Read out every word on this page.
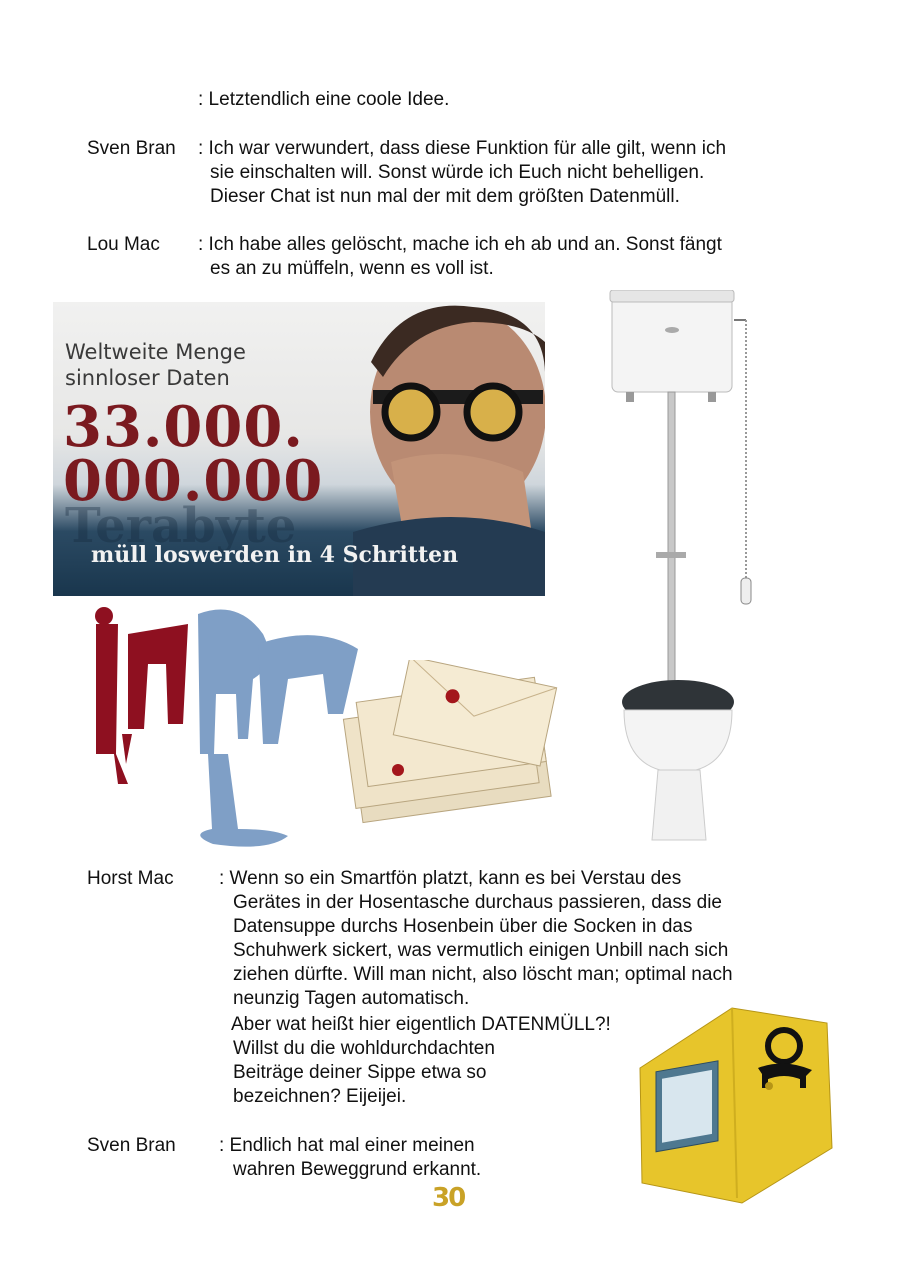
: Letztendlich eine coole Idee.
Sven Bran : Ich war verwundert, dass diese Funktion für alle gilt, wenn ich
sie einschalten will. Sonst würde ich Euch nicht behelligen.
Dieser Chat ist nun mal der mit dem größten Datenmüll.
Lou Mac : Ich habe alles gelöscht, mache ich eh ab und an. Sonst fängt
es an zu müffeln, wenn es voll ist.
Horst Mac : Wenn so ein Smartfön platzt, kann es bei Verstau des
Gerätes in der Hosentasche durchaus passieren, dass die
Datensuppe durchs Hosenbein über die Socken in das
Schuhwerk sickert, was vermutlich einigen Unbill nach sich
ziehen dürfte. Will man nicht, also löscht man; optimal nach
neunzig Tagen automatisch.
Aber wat heißt hier eigentlich DATENMÜLL?!
Willst du die wohldurchdachten
Beiträge deiner Sippe etwa so
bezeichnen? Eijeijei.
Sven Bran : Endlich hat mal einer meinen
wahren Beweggrund erkannt.
Weltweite Menge
sinnloser Daten
33.000.
000.000
Terabyte
müll loswerden in 4 Schritten
30
